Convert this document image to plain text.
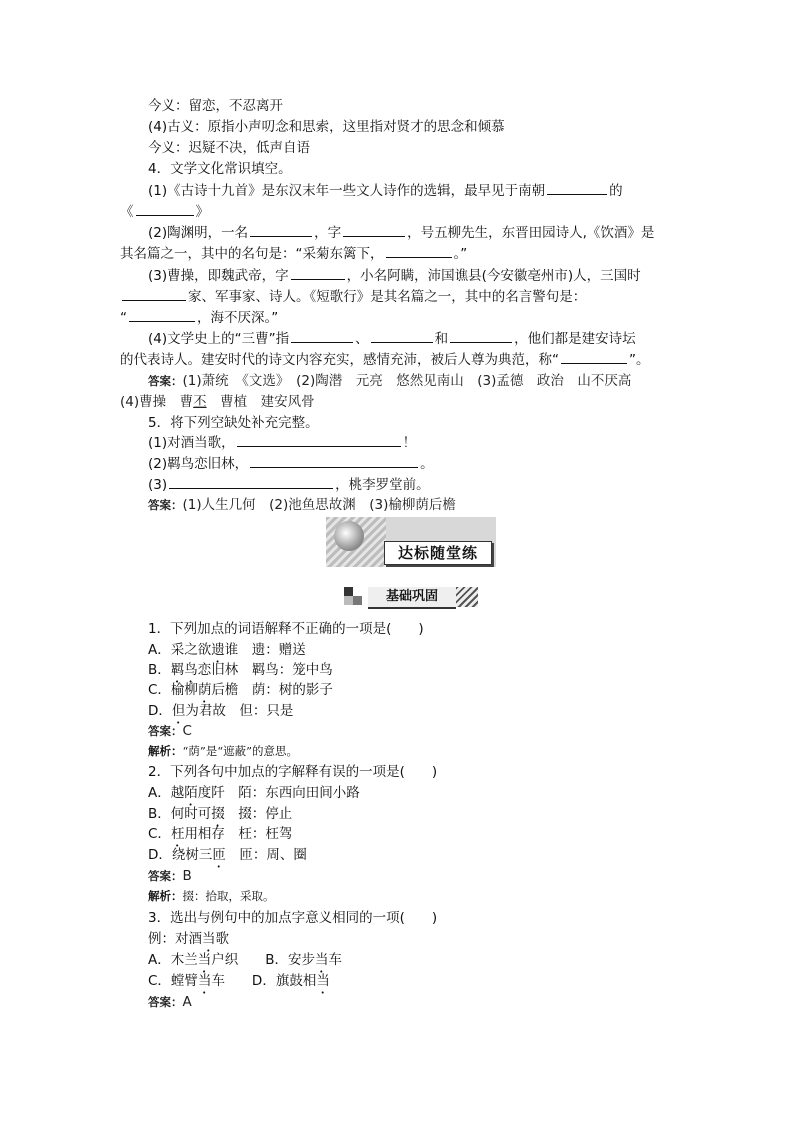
今义：留恋，不忍离开
(4)古义：原指小声叨念和思索，这里指对贤才的思念和倾慕
今义：迟疑不决，低声自语
4．文学文化常识填空。
(1)《古诗十九首》是东汉末年一些文人诗作的选辑，最早见于南朝	的
《	》
(2)陶渊明，一名	，字	，号五柳先生，东晋田园诗人,《饮酒》是
其名篇之一，其中的名句是：“采菊东篱下，	。”
(3)曹操，即魏武帝，字	，小名阿瞒，沛国谯县(今安徽亳州市)人，三国时
家、军事家、诗人。《短歌行》是其名篇之一，其中的名言警句是：
“	，海不厌深。”
(4)文学史上的“三曹”指	、	和	，他们都是建安诗坛
的代表诗人。建安时代的诗文内容充实，感情充沛，被后人尊为典范，称“	”。
答案：(1)萧统　《文选》　(2)陶潜　元亮　悠然见南山　(3)孟德　政治　山不厌高
(4)曹操　曹丕　曹植　建安风骨
5．将下列空缺处补充完整。
(1)对酒当歌，	！
(2)羁鸟恋旧林，	。
(3)	，桃李罗堂前。
答案：(1)人生几何　(2)池鱼思故渊　(3)榆柳荫后檐
达标随堂练
基础巩固
1．下列加点的词语解释不正确的一项是(　　)
A．采之欲遗谁　遗：赠送
B．羁鸟恋旧林　羁鸟：笼中鸟
C．榆柳荫后檐　荫：树的影子
D．但为君故　但：只是
答案：C
解析：“荫”是“遮蔽”的意思。
2．下列各句中加点的字解释有误的一项是(　　)
A．越陌度阡　陌：东西向田间小路
B．何时可掇　掇：停止
C．枉用相存　枉：枉驾
D．绕树三匝　匝：周、圈
答案：B
解析：掇：拾取，采取。
3．选出与例句中的加点字意义相同的一项(　　)
例：对酒当歌
A．木兰当户织　　B．安步当车
C．螳臂当车　　D．旗鼓相当
答案：A
